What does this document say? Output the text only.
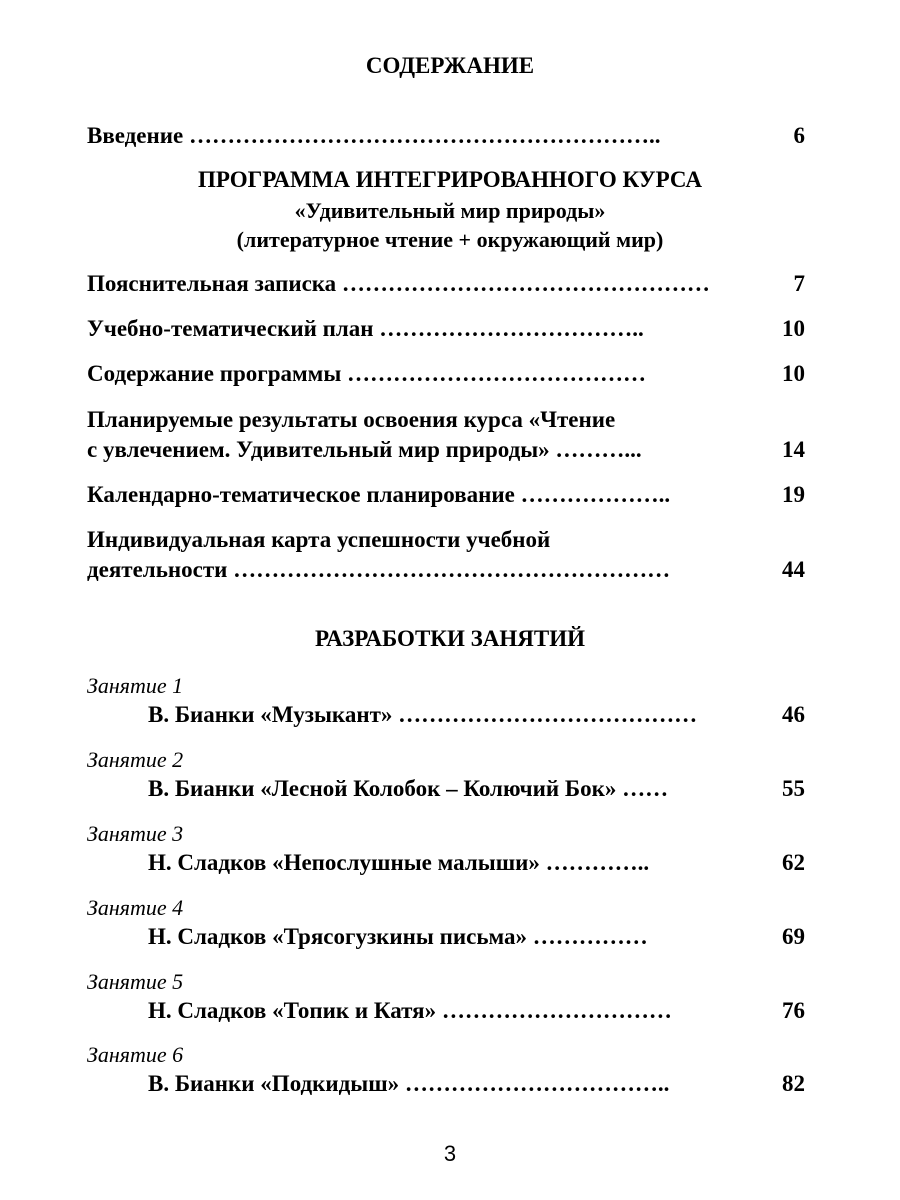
СОДЕРЖАНИЕ
Введение ……………………………………………………..	6
ПРОГРАММА ИНТЕГРИРОВАННОГО КУРСА
«Удивительный мир природы»
(литературное чтение + окружающий мир)
Пояснительная записка …………………………………………	7
Учебно-тематический план ……………………………..	10
Содержание программы …………………………………	10
Планируемые результаты освоения курса «Чтение
с увлечением. Удивительный мир природы» ………...	14
Календарно-тематическое планирование ………………..	19
Индивидуальная карта успешности учебной
деятельности …………………………………………………	44
РАЗРАБОТКИ ЗАНЯТИЙ
Занятие 1
В. Бианки «Музыкант» …………………………………	46
Занятие 2
В. Бианки «Лесной Колобок – Колючий Бок» ……	55
Занятие 3
Н. Сладков «Непослушные малыши» …………..	62
Занятие 4
Н. Сладков «Трясогузкины письма» ……………	69
Занятие 5
Н. Сладков «Топик и Катя» …………………………	76
Занятие 6
В. Бианки «Подкидыш» ……………………………..	82
3
